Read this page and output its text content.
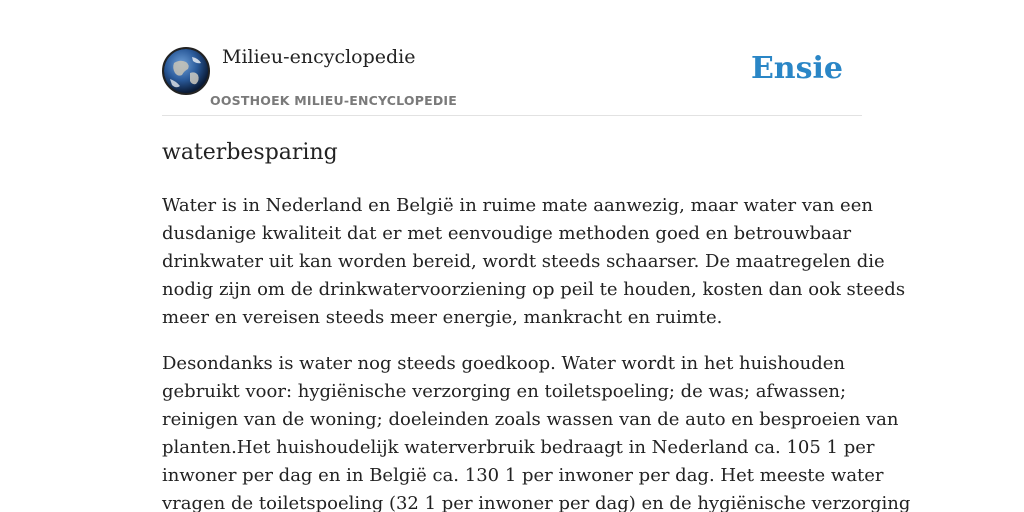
Milieu-encyclopedie
OOSTHOEK MILIEU-ENCYCLOPEDIE
Ensie
waterbesparing

Water is in Nederland en België in ruime mate aanwezig, maar water van een
dusdanige kwaliteit dat er met eenvoudige methoden goed en betrouwbaar
drinkwater uit kan worden bereid, wordt steeds schaarser. De maatregelen die
nodig zijn om de drinkwatervoorziening op peil te houden, kosten dan ook steeds
meer en vereisen steeds meer energie, mankracht en ruimte.

Desondanks is water nog steeds goedkoop. Water wordt in het huishouden
gebruikt voor: hygiënische verzorging en toiletspoeling; de was; afwassen;
reinigen van de woning; doeleinden zoals wassen van de auto en besproeien van
planten.Het huishoudelijk waterverbruik bedraagt in Nederland ca. 105 1 per
inwoner per dag en in België ca. 130 1 per inwoner per dag. Het meeste water
vragen de toiletspoeling (32 1 per inwoner per dag) en de hygiënische verzorging
